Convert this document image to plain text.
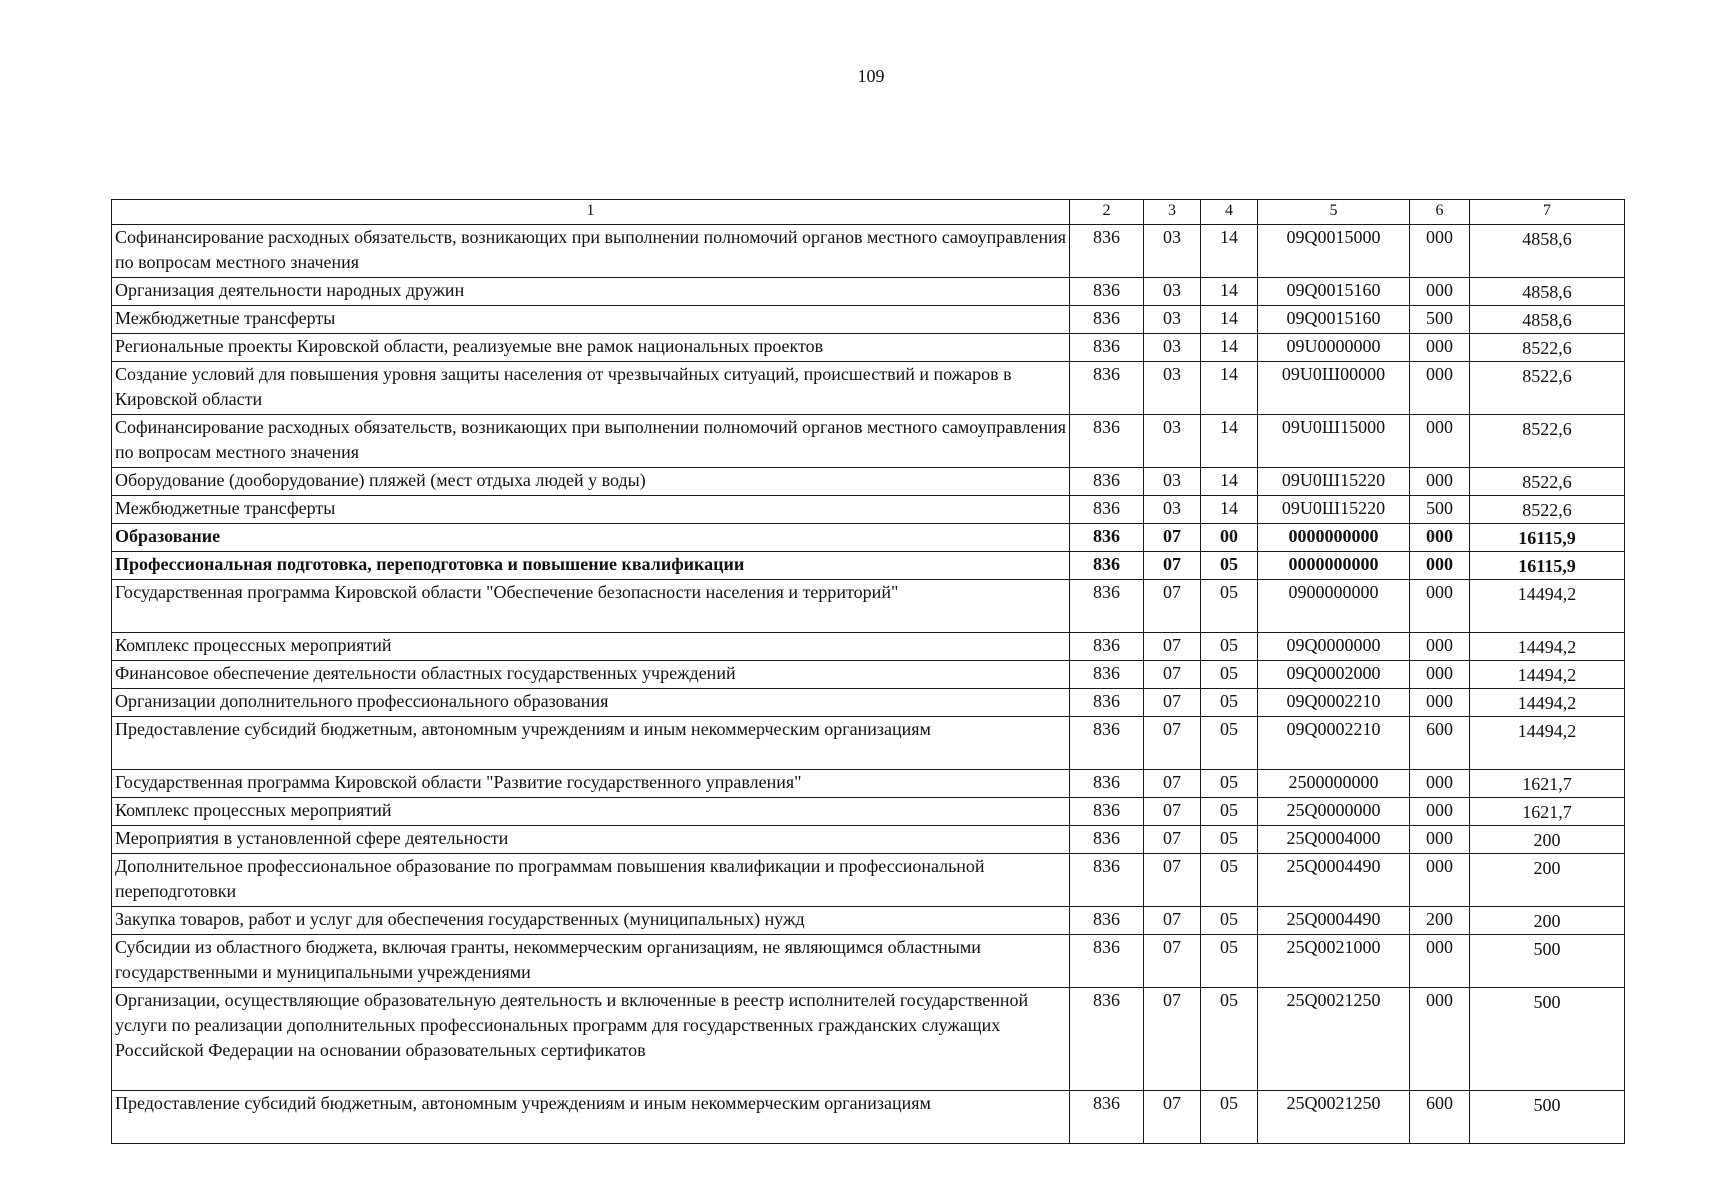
109
1	2	3	4	5	6	7
Софинансирование расходных обязательств, возникающих при выполнении полномочий органов местного самоуправления по вопросам местного значения	836	03	14	09Q0015000	000	4858,6
Организация деятельности народных дружин	836	03	14	09Q0015160	000	4858,6
Межбюджетные трансферты	836	03	14	09Q0015160	500	4858,6
Региональные проекты Кировской области, реализуемые вне рамок национальных проектов	836	03	14	09U0000000	000	8522,6
Создание условий для повышения уровня защиты населения от чрезвычайных ситуаций, происшествий и пожаров в Кировской области	836	03	14	09U0Ш00000	000	8522,6
Софинансирование расходных обязательств, возникающих при выполнении полномочий органов местного самоуправления по вопросам местного значения	836	03	14	09U0Ш15000	000	8522,6
Оборудование (дооборудование) пляжей (мест отдыха людей у воды)	836	03	14	09U0Ш15220	000	8522,6
Межбюджетные трансферты	836	03	14	09U0Ш15220	500	8522,6
Образование	836	07	00	0000000000	000	16115,9
Профессиональная подготовка, переподготовка и повышение квалификации	836	07	05	0000000000	000	16115,9
Государственная программа Кировской области "Обеспечение безопасности населения и территорий"	836	07	05	0900000000	000	14494,2
Комплекс процессных мероприятий	836	07	05	09Q0000000	000	14494,2
Финансовое обеспечение деятельности областных государственных учреждений	836	07	05	09Q0002000	000	14494,2
Организации дополнительного профессионального образования	836	07	05	09Q0002210	000	14494,2
Предоставление субсидий бюджетным, автономным учреждениям и иным некоммерческим организациям	836	07	05	09Q0002210	600	14494,2
Государственная программа Кировской области "Развитие государственного управления"	836	07	05	2500000000	000	1621,7
Комплекс процессных мероприятий	836	07	05	25Q0000000	000	1621,7
Мероприятия в установленной сфере деятельности	836	07	05	25Q0004000	000	200
Дополнительное профессиональное образование по программам повышения квалификации и профессиональной переподготовки	836	07	05	25Q0004490	000	200
Закупка товаров, работ и услуг для обеспечения государственных (муниципальных) нужд	836	07	05	25Q0004490	200	200
Субсидии из областного бюджета, включая гранты, некоммерческим организациям, не являющимся областными государственными и муниципальными учреждениями	836	07	05	25Q0021000	000	500
Организации, осуществляющие образовательную деятельность и включенные в реестр исполнителей государственной услуги по реализации дополнительных профессиональных программ для государственных гражданских служащих Российской Федерации на основании образовательных сертификатов	836	07	05	25Q0021250	000	500
Предоставление субсидий бюджетным, автономным учреждениям и иным некоммерческим организациям	836	07	05	25Q0021250	600	500
